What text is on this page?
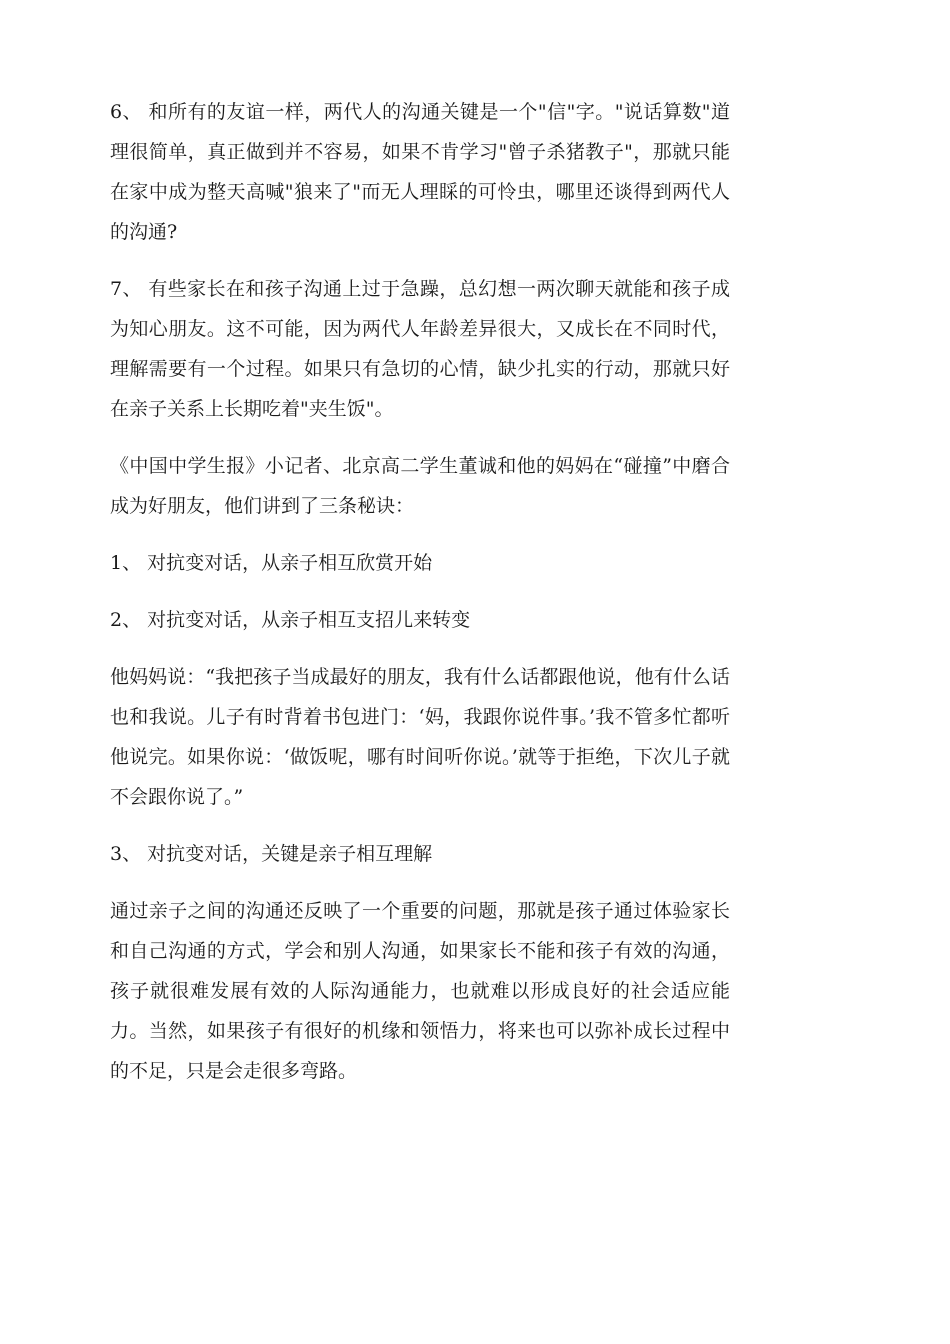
6、 和所有的友谊一样，两代人的沟通关键是一个"信"字。"说话算数"道理很简单，真正做到并不容易，如果不肯学习"曾子杀猪教子"，那就只能在家中成为整天高喊"狼来了"而无人理睬的可怜虫，哪里还谈得到两代人的沟通?

7、 有些家长在和孩子沟通上过于急躁，总幻想一两次聊天就能和孩子成为知心朋友。这不可能，因为两代人年龄差异很大，又成长在不同时代，理解需要有一个过程。如果只有急切的心情，缺少扎实的行动，那就只好在亲子关系上长期吃着"夹生饭"。

《中国中学生报》小记者、北京高二学生董诚和他的妈妈在“碰撞”中磨合成为好朋友，他们讲到了三条秘诀：

1、 对抗变对话，从亲子相互欣赏开始

2、 对抗变对话，从亲子相互支招儿来转变

他妈妈说：“我把孩子当成最好的朋友，我有什么话都跟他说，他有什么话也和我说。儿子有时背着书包进门：‘妈，我跟你说件事。’我不管多忙都听他说完。如果你说：‘做饭呢，哪有时间听你说。’就等于拒绝，下次儿子就不会跟你说了。”

3、 对抗变对话，关键是亲子相互理解

通过亲子之间的沟通还反映了一个重要的问题，那就是孩子通过体验家长和自己沟通的方式，学会和别人沟通，如果家长不能和孩子有效的沟通，孩子就很难发展有效的人际沟通能力，也就难以形成良好的社会适应能力。当然，如果孩子有很好的机缘和领悟力，将来也可以弥补成长过程中的不足，只是会走很多弯路。
